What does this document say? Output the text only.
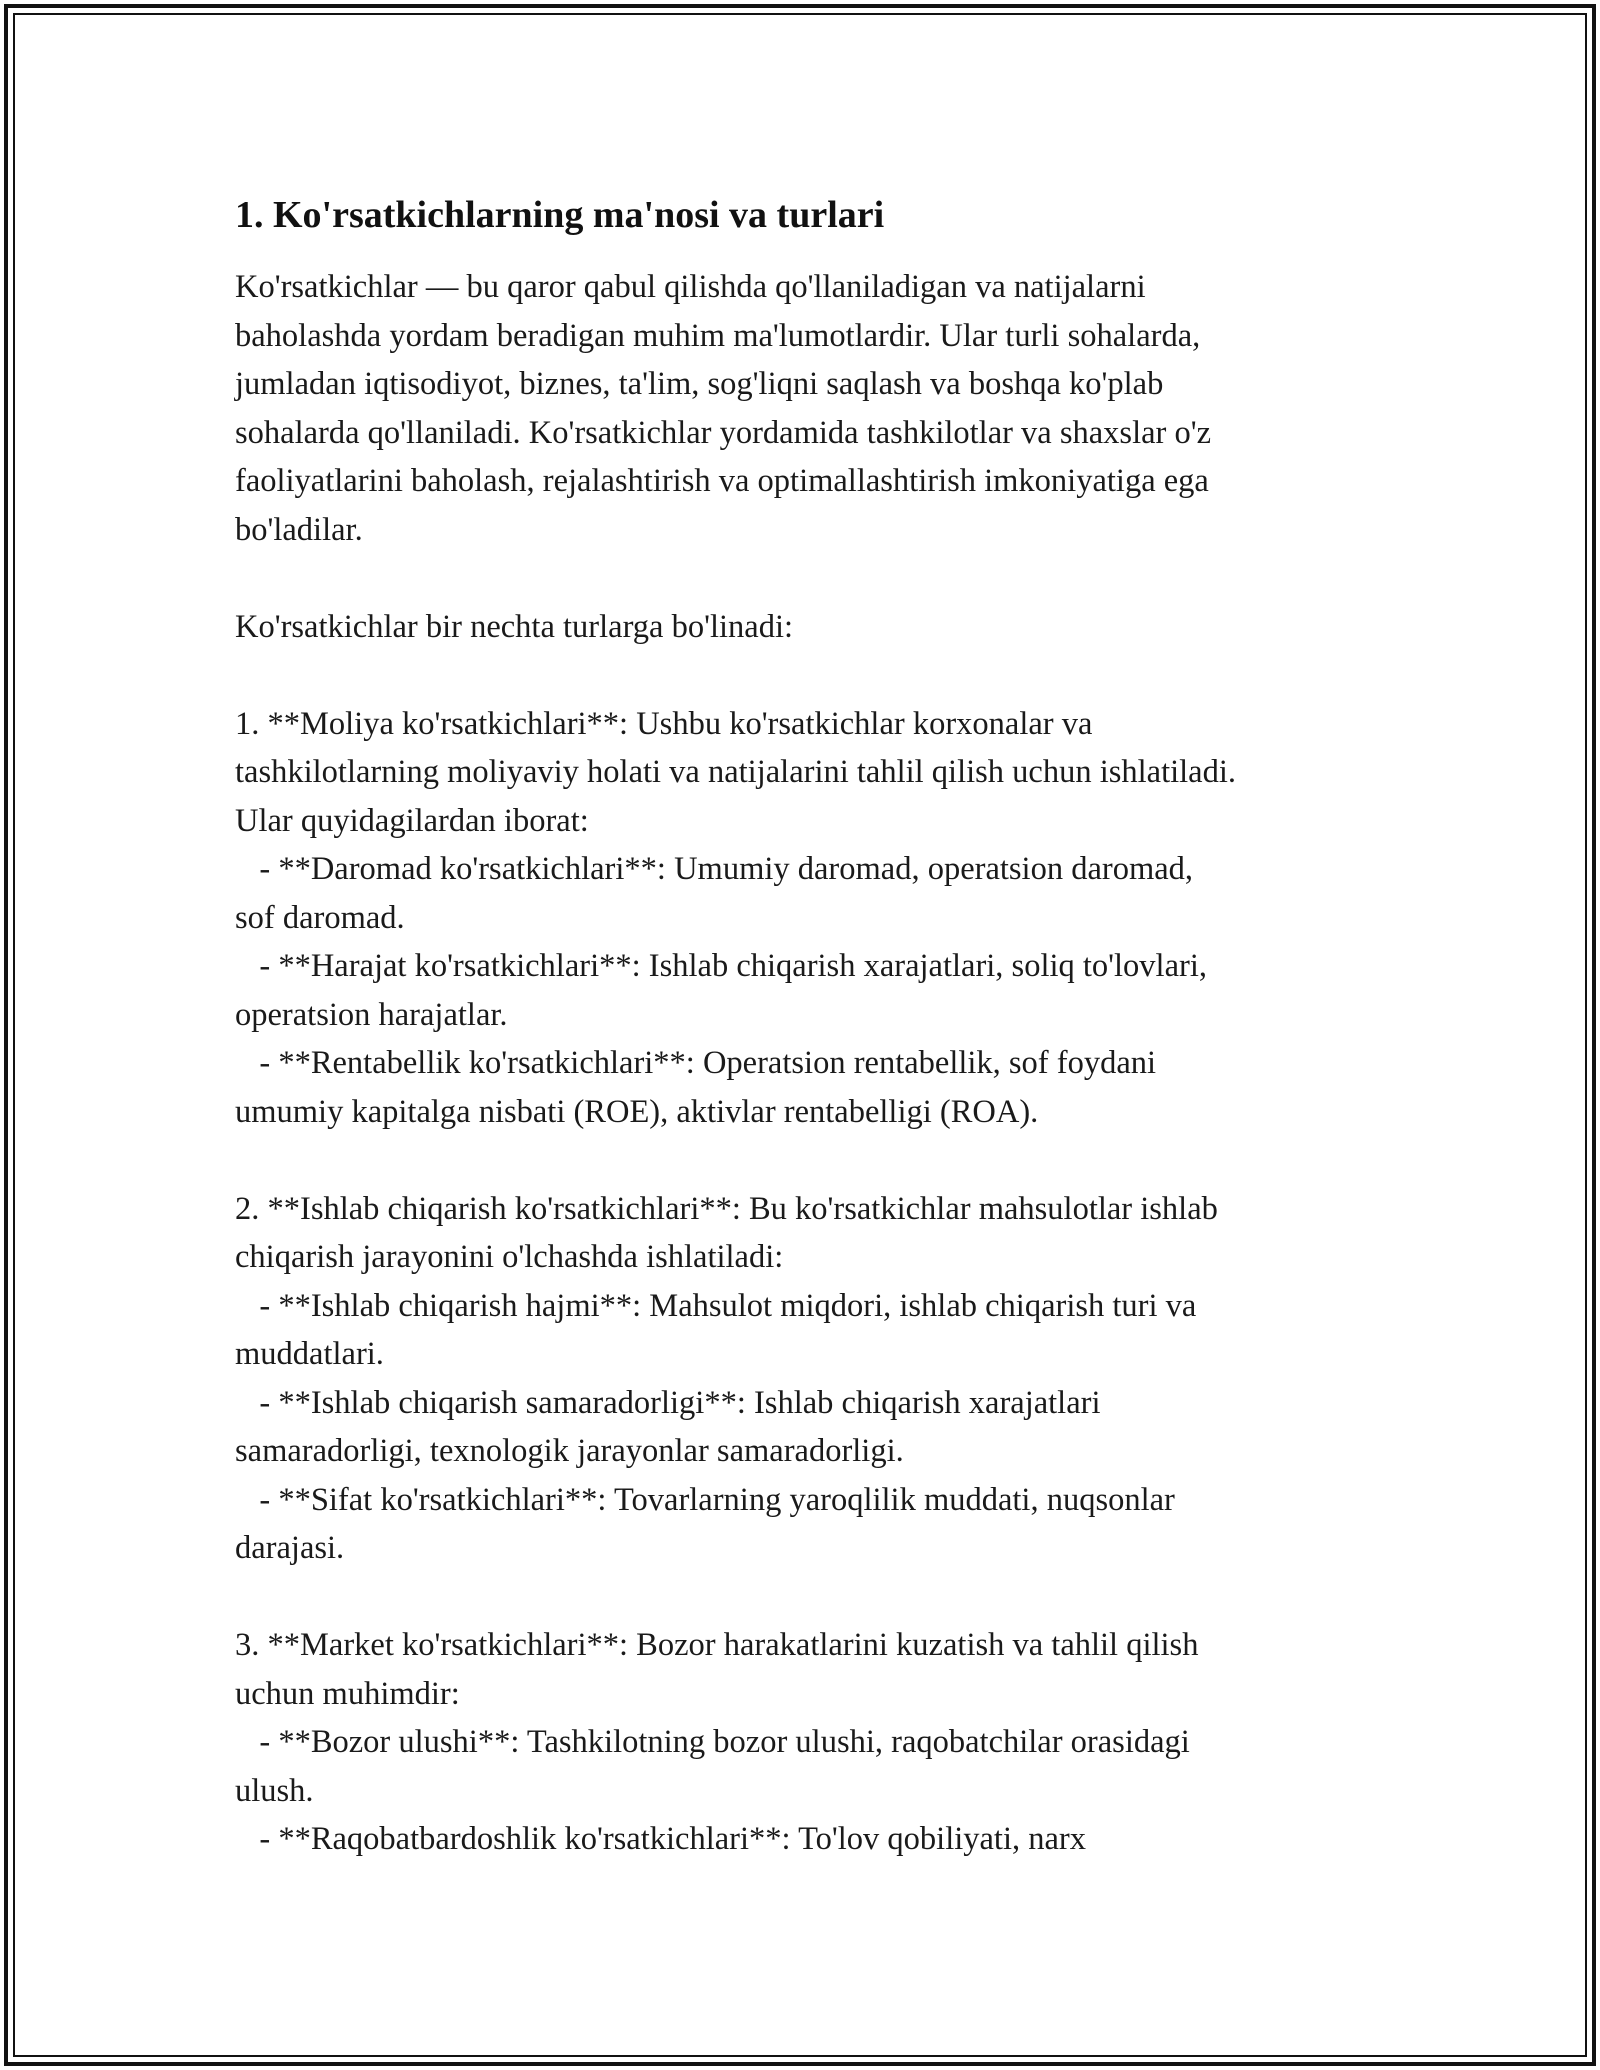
1. Ko'rsatkichlarning ma'nosi va turlari
Ko'rsatkichlar — bu qaror qabul qilishda qo'llaniladigan va natijalarni
baholashda yordam beradigan muhim ma'lumotlardir. Ular turli sohalarda,
jumladan iqtisodiyot, biznes, ta'lim, sog'liqni saqlash va boshqa ko'plab
sohalarda qo'llaniladi. Ko'rsatkichlar yordamida tashkilotlar va shaxslar o'z
faoliyatlarini baholash, rejalashtirish va optimallashtirish imkoniyatiga ega
bo'ladilar.
Ko'rsatkichlar bir nechta turlarga bo'linadi:
1. **Moliya ko'rsatkichlari**: Ushbu ko'rsatkichlar korxonalar va
tashkilotlarning moliyaviy holati va natijalarini tahlil qilish uchun ishlatiladi.
Ular quyidagilardan iborat:
- **Daromad ko'rsatkichlari**: Umumiy daromad, operatsion daromad,
sof daromad.
- **Harajat ko'rsatkichlari**: Ishlab chiqarish xarajatlari, soliq to'lovlari,
operatsion harajatlar.
- **Rentabellik ko'rsatkichlari**: Operatsion rentabellik, sof foydani
umumiy kapitalga nisbati (ROE), aktivlar rentabelligi (ROA).
2. **Ishlab chiqarish ko'rsatkichlari**: Bu ko'rsatkichlar mahsulotlar ishlab
chiqarish jarayonini o'lchashda ishlatiladi:
- **Ishlab chiqarish hajmi**: Mahsulot miqdori, ishlab chiqarish turi va
muddatlari.
- **Ishlab chiqarish samaradorligi**: Ishlab chiqarish xarajatlari
samaradorligi, texnologik jarayonlar samaradorligi.
- **Sifat ko'rsatkichlari**: Tovarlarning yaroqlilik muddati, nuqsonlar
darajasi.
3. **Market ko'rsatkichlari**: Bozor harakatlarini kuzatish va tahlil qilish
uchun muhimdir:
- **Bozor ulushi**: Tashkilotning bozor ulushi, raqobatchilar orasidagi
ulush.
- **Raqobatbardoshlik ko'rsatkichlari**: To'lov qobiliyati, narx
